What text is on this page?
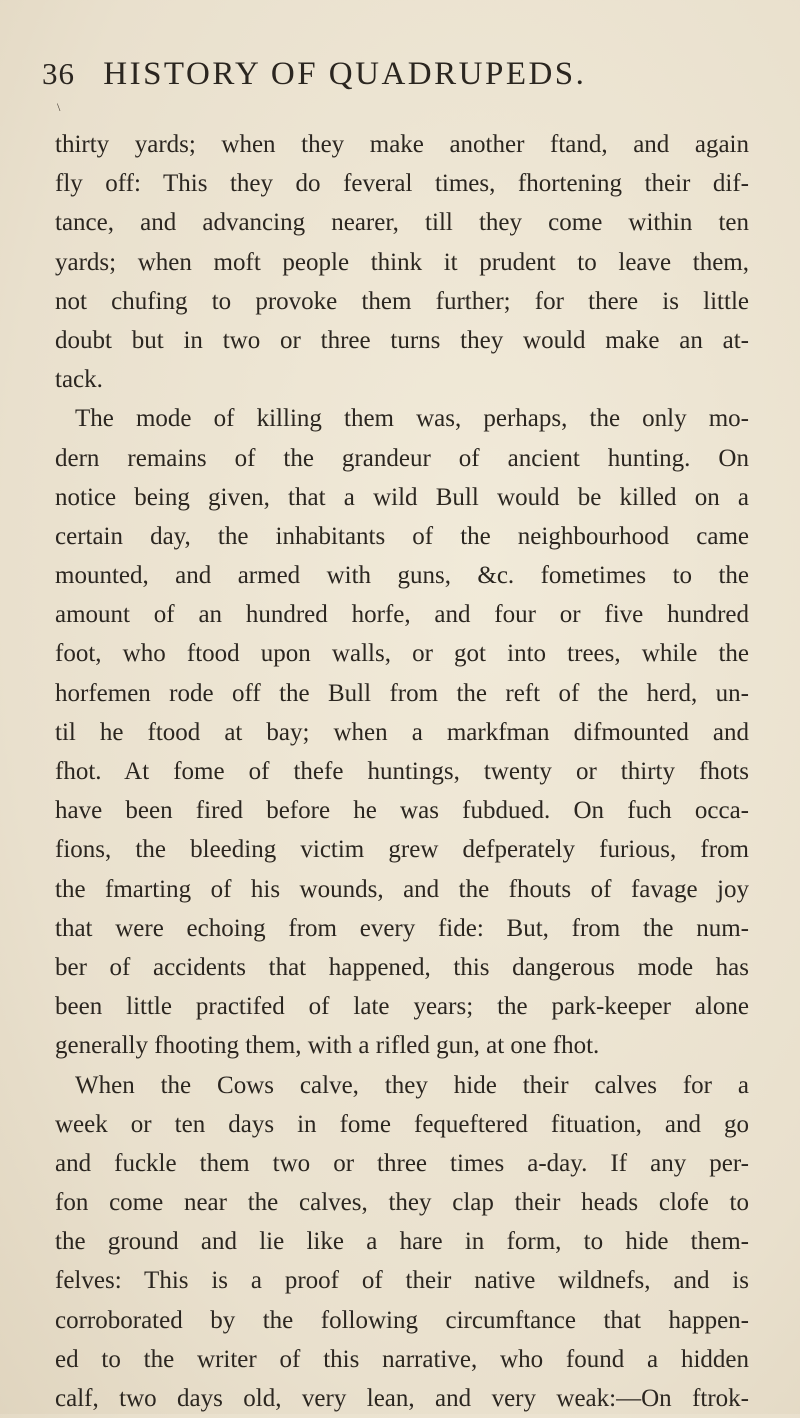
36 HISTORY OF QUADRUPEDS.
\
thirty yards; when they make another ftand, and again
fly off: This they do feveral times, fhortening their dif-
tance, and advancing nearer, till they come within ten
yards; when moft people think it prudent to leave them,
not chufing to provoke them further; for there is little
doubt but in two or three turns they would make an at-
tack.
The mode of killing them was, perhaps, the only mo-
dern remains of the grandeur of ancient hunting. On
notice being given, that a wild Bull would be killed on a
certain day, the inhabitants of the neighbourhood came
mounted, and armed with guns, &c. fometimes to the
amount of an hundred horfe, and four or five hundred
foot, who ftood upon walls, or got into trees, while the
horfemen rode off the Bull from the reft of the herd, un-
til he ftood at bay; when a markfman difmounted and
fhot. At fome of thefe huntings, twenty or thirty fhots
have been fired before he was fubdued. On fuch occa-
fions, the bleeding victim grew defperately furious, from
the fmarting of his wounds, and the fhouts of favage joy
that were echoing from every fide: But, from the num-
ber of accidents that happened, this dangerous mode has
been little practifed of late years; the park-keeper alone
generally fhooting them, with a rifled gun, at one fhot.
When the Cows calve, they hide their calves for a
week or ten days in fome fequeftered fituation, and go
and fuckle them two or three times a-day. If any per-
fon come near the calves, they clap their heads clofe to
the ground and lie like a hare in form, to hide them-
felves: This is a proof of their native wildnefs, and is
corroborated by the following circumftance that happen-
ed to the writer of this narrative, who found a hidden
calf, two days old, very lean, and very weak:—On ftrok-
